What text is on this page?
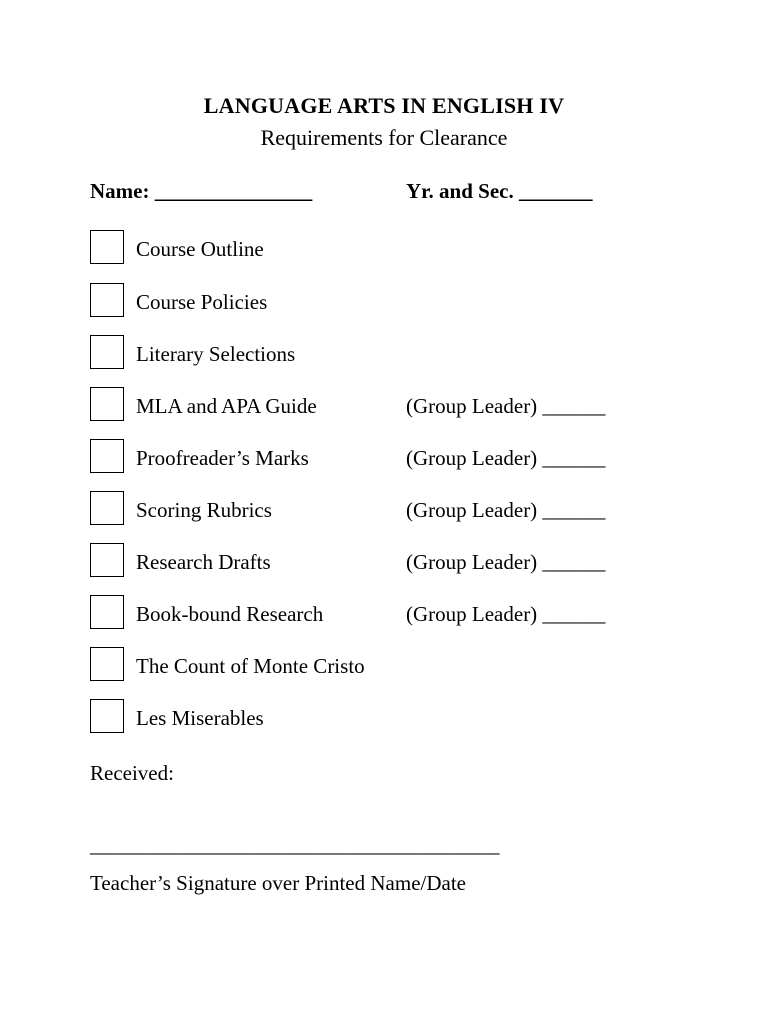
LANGUAGE ARTS IN ENGLISH IV
Requirements for Clearance

Name: _______________

	Yr. and Sec. _______

Course Outline
Course Policies
Literary Selections
MLA and APA Guide	(Group Leader) ______
Proofreader’s Marks	(Group Leader) ______
Scoring Rubrics	(Group Leader) ______
Research Drafts	(Group Leader) ______
Book-bound Research	(Group Leader) ______
The Count of Monte Cristo
Les Miserables
Received:
_______________________________________
Teacher’s Signature over Printed Name/Date
